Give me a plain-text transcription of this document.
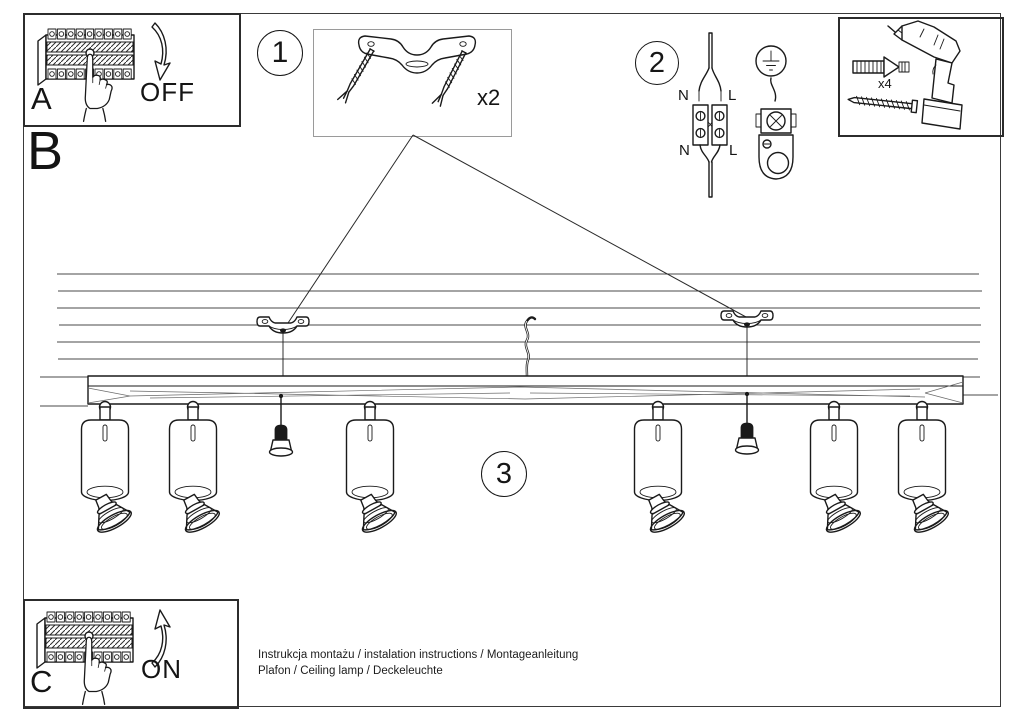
A	OFF
B
1
x2
2
N	L
N	L
x4
3
C	ON	Instrukcja montażu / instalation instructions / Montageanleitung
Plafon / Ceiling lamp / Deckeleuchte
